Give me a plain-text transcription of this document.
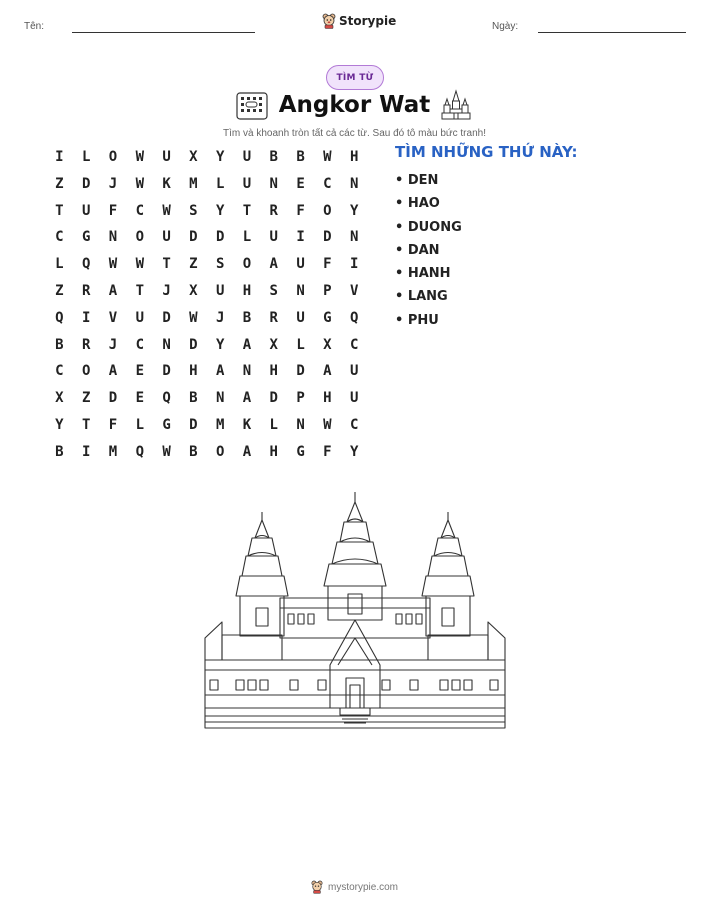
Tên:	Storypie	Ngày:
TÌM TỪ
Angkor Wat
Tìm và khoanh tròn tất cả các từ. Sau đó tô màu bức tranh!
I	L	O	W	U	X	Y	U	B	B	W	H
Z	D	J	W	K	M	L	U	N	E	C	N
T	U	F	C	W	S	Y	T	R	F	O	Y
C	G	N	O	U	D	D	L	U	I	D	N
L	Q	W	W	T	Z	S	O	A	U	F	I
Z	R	A	T	J	X	U	H	S	N	P	V
Q	I	V	U	D	W	J	B	R	U	G	Q
B	R	J	C	N	D	Y	A	X	L	X	C
C	O	A	E	D	H	A	N	H	D	A	U
X	Z	D	E	Q	B	N	A	D	P	H	U
Y	T	F	L	G	D	M	K	L	N	W	C
B	I	M	Q	W	B	O	A	H	G	F	Y
TÌM NHỮNG THỨ NÀY:
• DEN
• HAO
• DUONG
• DAN
• HANH
• LANG
• PHU
mystorypie.com
